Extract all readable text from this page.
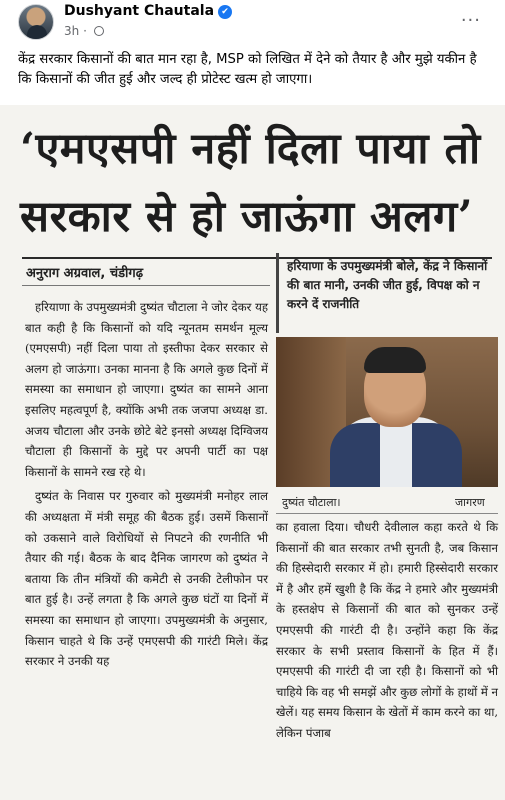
Dushyant Chautala ✔
3h ·	···
केंद्र सरकार किसानों की बात मान रहा है, MSP को लिखित में देने को तैयार है और मुझे यकीन है कि किसानों की जीत हुई और जल्द ही प्रोटेस्ट खत्म हो जाएगा।
‘एमएसपी नहीं दिला पाया तो सरकार से हो जाऊंगा अलग’
अनुराग अग्रवाल, चंडीगढ़

हरियाणा के उपमुख्यमंत्री दुष्यंत चौटाला ने जोर देकर यह बात कही है कि किसानों को यदि न्यूनतम समर्थन मूल्य (एमएसपी) नहीं दिला पाया तो इस्तीफा देकर सरकार से अलग हो जाऊंगा। उनका मानना है कि अगले कुछ दिनों में समस्या का समाधान हो जाएगा। दुष्यंत का सामने आना इसलिए महत्वपूर्ण है, क्योंकि अभी तक जजपा अध्यक्ष डा. अजय चौटाला और उनके छोटे बेटे इनसो अध्यक्ष दिग्विजय चौटाला ही किसानों के मुद्दे पर अपनी पार्टी का पक्ष किसानों के सामने रख रहे थे।

दुष्यंत के निवास पर गुरुवार को मुख्यमंत्री मनोहर लाल की अध्यक्षता में मंत्री समूह की बैठक हुई। उसमें किसानों को उकसाने वाले विरोधियों से निपटने की रणनीति भी तैयार की गई। बैठक के बाद दैनिक जागरण को दुष्यंत ने बताया कि तीन मंत्रियों की कमेटी से उनकी टेलीफोन पर बात हुई है। उन्हें लगता है कि अगले कुछ घंटों या दिनों में समस्या का समाधान हो जाएगा। उपमुख्यमंत्री के अनुसार, किसान चाहते थे कि उन्हें एमएसपी की गारंटी मिले। केंद्र सरकार ने उनकी यह

हरियाणा के उपमुख्यमंत्री बोले, केंद्र ने किसानों की बात मानी, उनकी जीत हुई, विपक्ष को न करने दें राजनीति
दुष्यंत चौटाला।	जागरण
का हवाला दिया। चौधरी देवीलाल कहा करते थे कि किसानों की बात सरकार तभी सुनती है, जब किसान की हिस्सेदारी सरकार में हो। हमारी हिस्सेदारी सरकार में है और हमें खुशी है कि केंद्र ने हमारे और मुख्यमंत्री के हस्तक्षेप से किसानों की बात को सुनकर उन्हें एमएसपी की गारंटी दी है। उन्होंने कहा कि केंद्र सरकार के सभी प्रस्ताव किसानों के हित में हैं। एमएसपी की गारंटी दी जा रही है। किसानों को भी चाहिये कि वह भी समझें और कुछ लोगों के हाथों में न खेलें। यह समय किसान के खेतों में काम करने का था, लेकिन पंजाब
